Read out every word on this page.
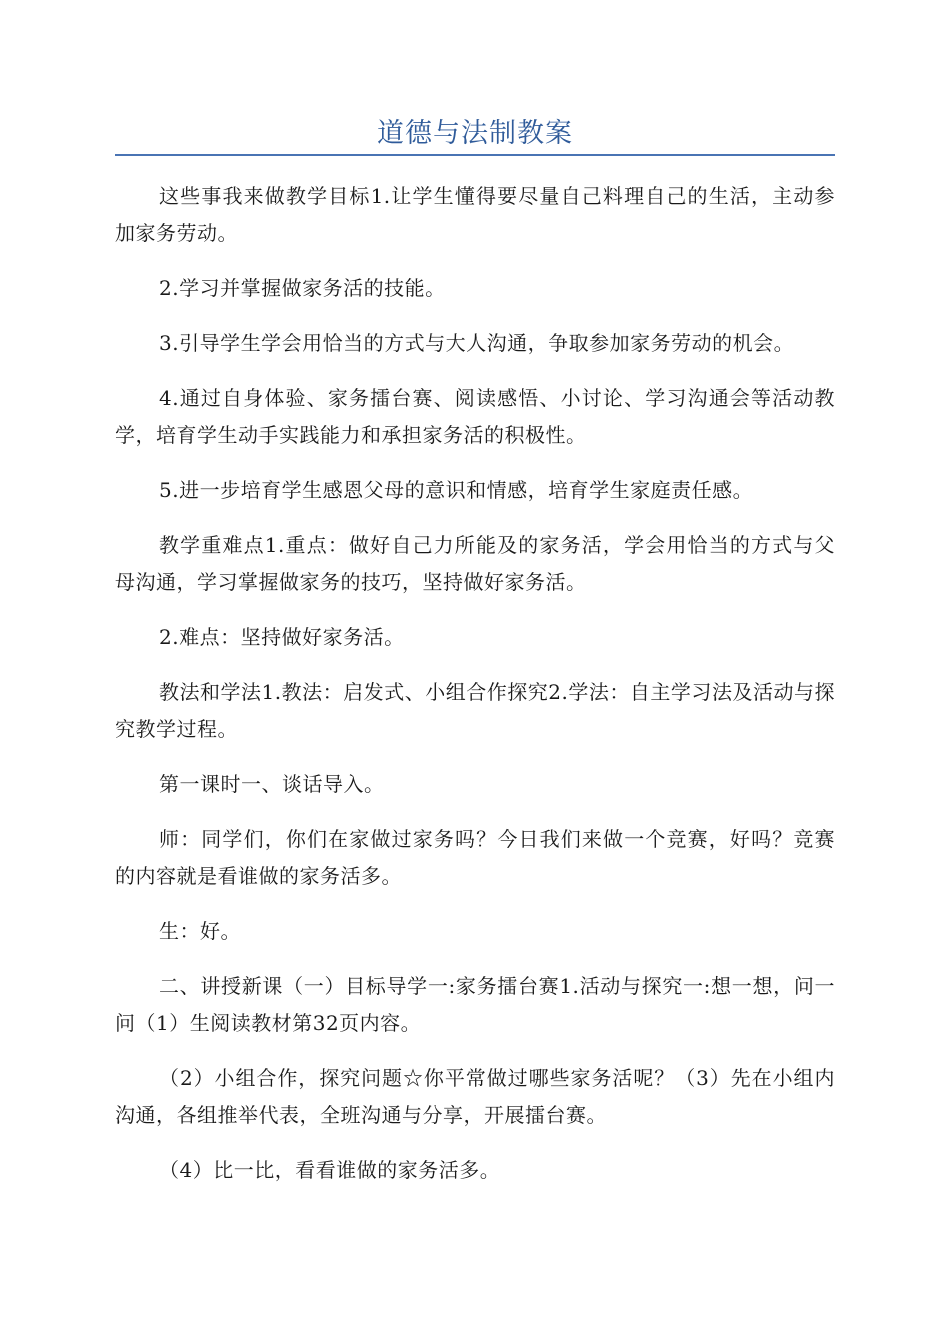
道德与法制教案

这些事我来做教学目标1.让学生懂得要尽量自己料理自己的生活，主动参加家务劳动。

2.学习并掌握做家务活的技能。

3.引导学生学会用恰当的方式与大人沟通，争取参加家务劳动的机会。

4.通过自身体验、家务擂台赛、阅读感悟、小讨论、学习沟通会等活动教学，培育学生动手实践能力和承担家务活的积极性。

5.进一步培育学生感恩父母的意识和情感，培育学生家庭责任感。

教学重难点1.重点：做好自己力所能及的家务活，学会用恰当的方式与父母沟通，学习掌握做家务的技巧，坚持做好家务活。

2.难点：坚持做好家务活。

教法和学法1.教法：启发式、小组合作探究2.学法：自主学习法及活动与探究教学过程。

第一课时一、谈话导入。

师：同学们，你们在家做过家务吗？今日我们来做一个竞赛，好吗？竞赛的内容就是看谁做的家务活多。

生：好。

二、讲授新课（一）目标导学一:家务擂台赛1.活动与探究一:想一想，问一问（1）生阅读教材第32页内容。

（2）小组合作，探究问题☆你平常做过哪些家务活呢？（3）先在小组内沟通，各组推举代表，全班沟通与分享，开展擂台赛。

（4）比一比，看看谁做的家务活多。
